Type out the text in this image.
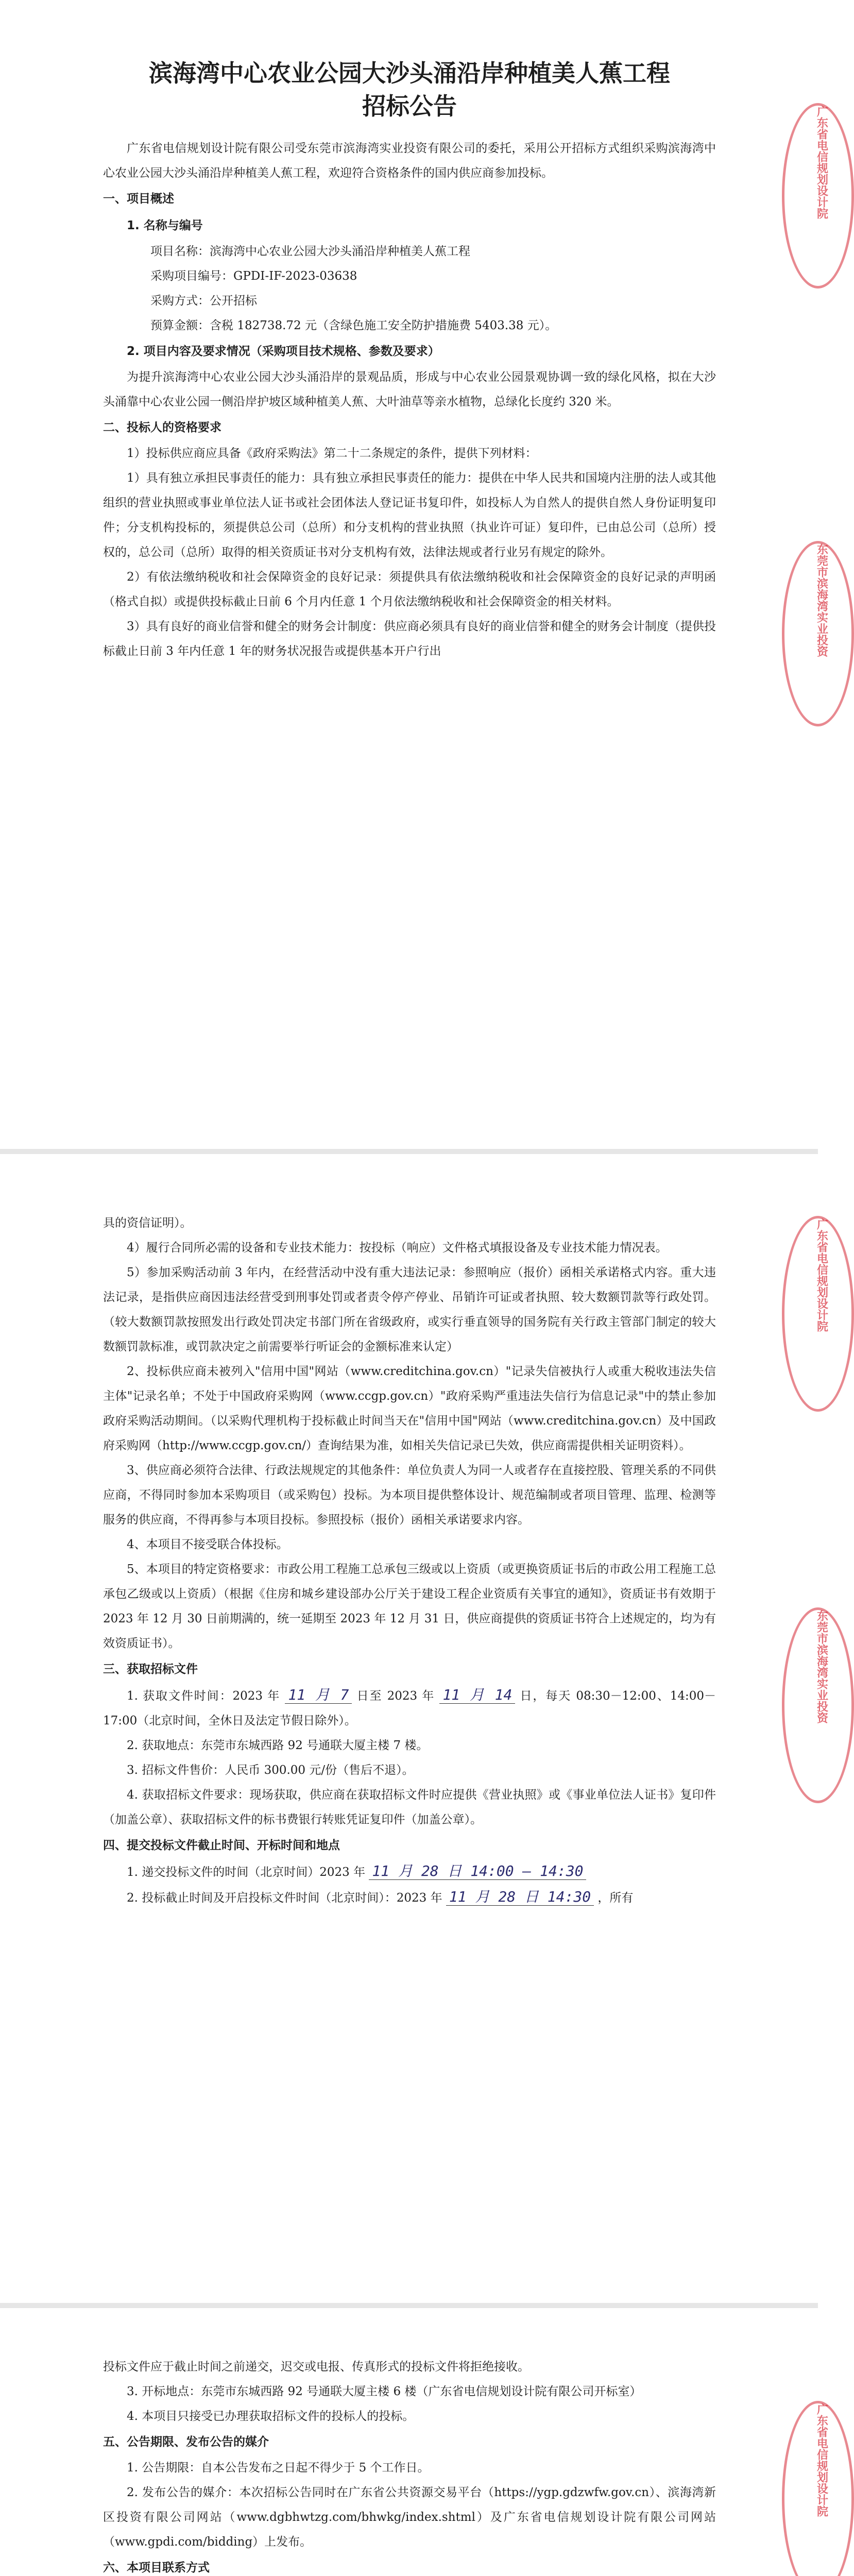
滨海湾中心农业公园大沙头涌沿岸种植美人蕉工程
招标公告

广东省电信规划设计院有限公司受东莞市滨海湾实业投资有限公司的委托，采用公开招标方式组织采购滨海湾中心农业公园大沙头涌沿岸种植美人蕉工程，欢迎符合资格条件的国内供应商参加投标。

一、项目概述
1. 名称与编号

项目名称：滨海湾中心农业公园大沙头涌沿岸种植美人蕉工程

采购项目编号：GPDI-IF-2023-03638

采购方式：公开招标

预算金额：含税 182738.72 元（含绿色施工安全防护措施费 5403.38 元）。

2. 项目内容及要求情况（采购项目技术规格、参数及要求）

为提升滨海湾中心农业公园大沙头涌沿岸的景观品质，形成与中心农业公园景观协调一致的绿化风格，拟在大沙头涌靠中心农业公园一侧沿岸护坡区域种植美人蕉、大叶油草等亲水植物，总绿化长度约 320 米。

二、投标人的资格要求

1）投标供应商应具备《政府采购法》第二十二条规定的条件，提供下列材料：

1）具有独立承担民事责任的能力：具有独立承担民事责任的能力：提供在中华人民共和国境内注册的法人或其他组织的营业执照或事业单位法人证书或社会团体法人登记证书复印件，如投标人为自然人的提供自然人身份证明复印件；分支机构投标的，须提供总公司（总所）和分支机构的营业执照（执业许可证）复印件，已由总公司（总所）授权的，总公司（总所）取得的相关资质证书对分支机构有效，法律法规或者行业另有规定的除外。

2）有依法缴纳税收和社会保障资金的良好记录：须提供具有依法缴纳税收和社会保障资金的良好记录的声明函（格式自拟）或提供投标截止日前 6 个月内任意 1 个月依法缴纳税收和社会保障资金的相关材料。

3）具有良好的商业信誉和健全的财务会计制度：供应商必须具有良好的商业信誉和健全的财务会计制度（提供投标截止日前 3 年内任意 1 年的财务状况报告或提供基本开户行出

广东省电信规划设计院
东莞市滨海湾实业投资

具的资信证明）。

4）履行合同所必需的设备和专业技术能力：按投标（响应）文件格式填报设备及专业技术能力情况表。

5）参加采购活动前 3 年内，在经营活动中没有重大违法记录：参照响应（报价）函相关承诺格式内容。重大违法记录，是指供应商因违法经营受到刑事处罚或者责令停产停业、吊销许可证或者执照、较大数额罚款等行政处罚。（较大数额罚款按照发出行政处罚决定书部门所在省级政府，或实行垂直领导的国务院有关行政主管部门制定的较大数额罚款标准，或罚款决定之前需要举行听证会的金额标准来认定）

2、投标供应商未被列入"信用中国"网站（www.creditchina.gov.cn）"记录失信被执行人或重大税收违法失信主体"记录名单；不处于中国政府采购网（www.ccgp.gov.cn）"政府采购严重违法失信行为信息记录"中的禁止参加政府采购活动期间。（以采购代理机构于投标截止时间当天在"信用中国"网站（www.creditchina.gov.cn）及中国政府采购网（http://www.ccgp.gov.cn/）查询结果为准，如相关失信记录已失效，供应商需提供相关证明资料）。

3、供应商必须符合法律、行政法规规定的其他条件：单位负责人为同一人或者存在直接控股、管理关系的不同供应商，不得同时参加本采购项目（或采购包）投标。为本项目提供整体设计、规范编制或者项目管理、监理、检测等服务的供应商，不得再参与本项目投标。参照投标（报价）函相关承诺要求内容。

4、本项目不接受联合体投标。

5、本项目的特定资格要求：市政公用工程施工总承包三级或以上资质（或更换资质证书后的市政公用工程施工总承包乙级或以上资质）（根据《住房和城乡建设部办公厅关于建设工程企业资质有关事宜的通知》，资质证书有效期于 2023 年 12 月 30 日前期满的，统一延期至 2023 年 12 月 31 日，供应商提供的资质证书符合上述规定的，均为有效资质证书）。

三、获取招标文件

1. 获取文件时间：2023 年 11 月 7 日至 2023 年 11 月 14 日，每天 08:30－12:00、14:00－17:00（北京时间，全休日及法定节假日除外）。

2. 获取地点：东莞市东城西路 92 号通联大厦主楼 7 楼。

3. 招标文件售价：人民币 300.00 元/份（售后不退）。

4. 获取招标文件要求：现场获取，供应商在获取招标文件时应提供《营业执照》或《事业单位法人证书》复印件（加盖公章）、获取招标文件的标书费银行转账凭证复印件（加盖公章）。

四、提交投标文件截止时间、开标时间和地点

1. 递交投标文件的时间（北京时间）2023 年 11 月 28 日 14:00 — 14:30

2. 投标截止时间及开启投标文件时间（北京时间）：2023 年 11 月 28 日 14:30 ，所有

广东省电信规划设计院
东莞市滨海湾实业投资

投标文件应于截止时间之前递交，迟交或电报、传真形式的投标文件将拒绝接收。

3. 开标地点：东莞市东城西路 92 号通联大厦主楼 6 楼（广东省电信规划设计院有限公司开标室）

4. 本项目只接受已办理获取招标文件的投标人的投标。

五、公告期限、发布公告的媒介

1. 公告期限：自本公告发布之日起不得少于 5 个工作日。

2. 发布公告的媒介：本次招标公告同时在广东省公共资源交易平台（https://ygp.gdzwfw.gov.cn）、滨海湾新区投资有限公司网站（www.dgbhwtzg.com/bhwkg/index.shtml）及广东省电信规划设计院有限公司网站（www.gpdi.com/bidding）上发布。

六、本项目联系方式

广东省电信规划设计院
